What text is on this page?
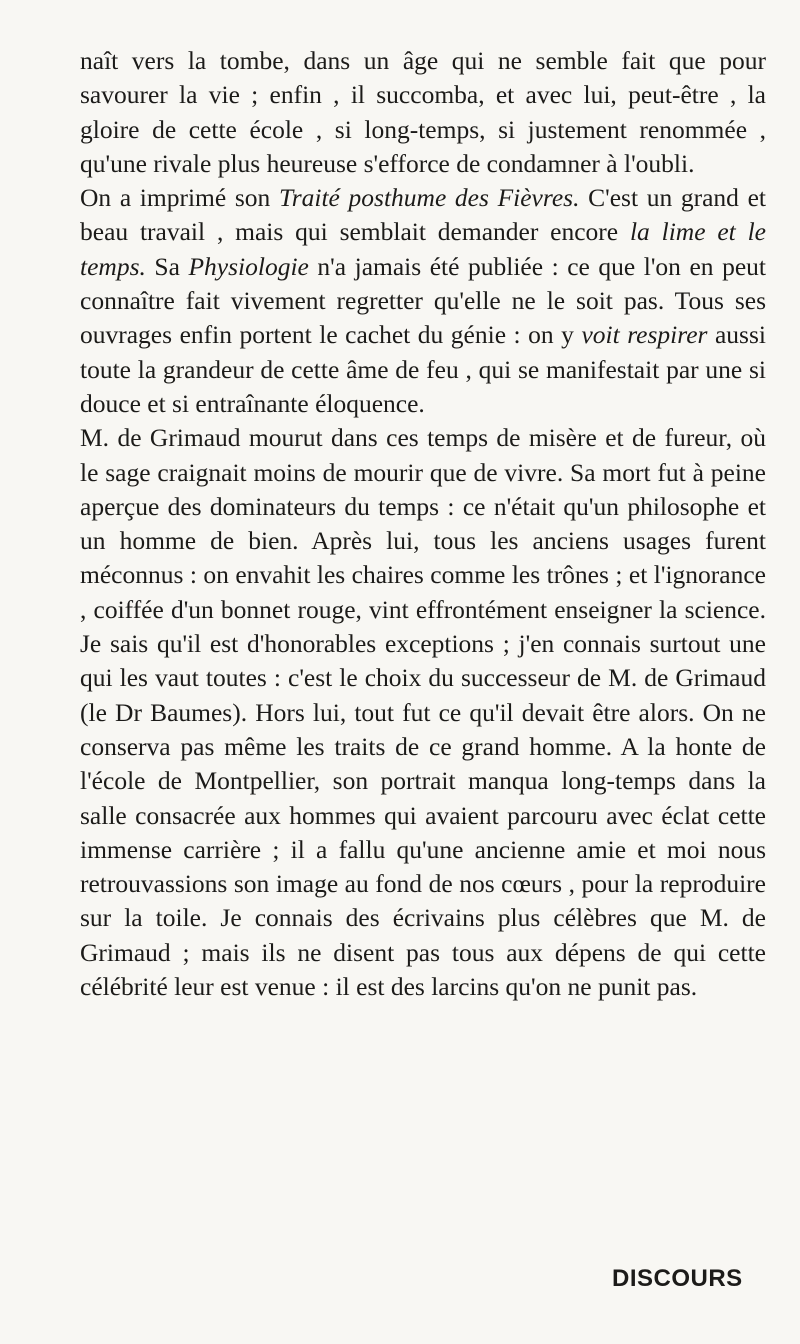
naît vers la tombe, dans un âge qui ne semble fait que pour savourer la vie ; enfin , il succomba, et avec lui, peut-être , la gloire de cette école , si long-temps, si justement renommée , qu'une rivale plus heureuse s'efforce de condamner à l'oubli.

On a imprimé son Traité posthume des Fièvres. C'est un grand et beau travail , mais qui semblait demander encore la lime et le temps. Sa Physiologie n'a jamais été publiée : ce que l'on en peut connaître fait vivement regretter qu'elle ne le soit pas. Tous ses ouvrages enfin portent le cachet du génie : on y voit respirer aussi toute la grandeur de cette âme de feu , qui se manifestait par une si douce et si entraînante éloquence.

M. de Grimaud mourut dans ces temps de misère et de fureur, où le sage craignait moins de mourir que de vivre. Sa mort fut à peine aperçue des dominateurs du temps : ce n'était qu'un philosophe et un homme de bien. Après lui, tous les anciens usages furent méconnus : on envahit les chaires comme les trônes ; et l'ignorance , coiffée d'un bonnet rouge, vint effrontément enseigner la science. Je sais qu'il est d'honorables exceptions ; j'en connais surtout une qui les vaut toutes : c'est le choix du successeur de M. de Grimaud (le Dr Baumes). Hors lui, tout fut ce qu'il devait être alors. On ne conserva pas même les traits de ce grand homme. A la honte de l'école de Montpellier, son portrait manqua long-temps dans la salle consacrée aux hommes qui avaient parcouru avec éclat cette immense carrière ; il a fallu qu'une ancienne amie et moi nous retrouvassions son image au fond de nos cœurs , pour la reproduire sur la toile. Je connais des écrivains plus célèbres que M. de Grimaud ; mais ils ne disent pas tous aux dépens de qui cette célébrité leur est venue : il est des larcins qu'on ne punit pas.

DISCOURS
